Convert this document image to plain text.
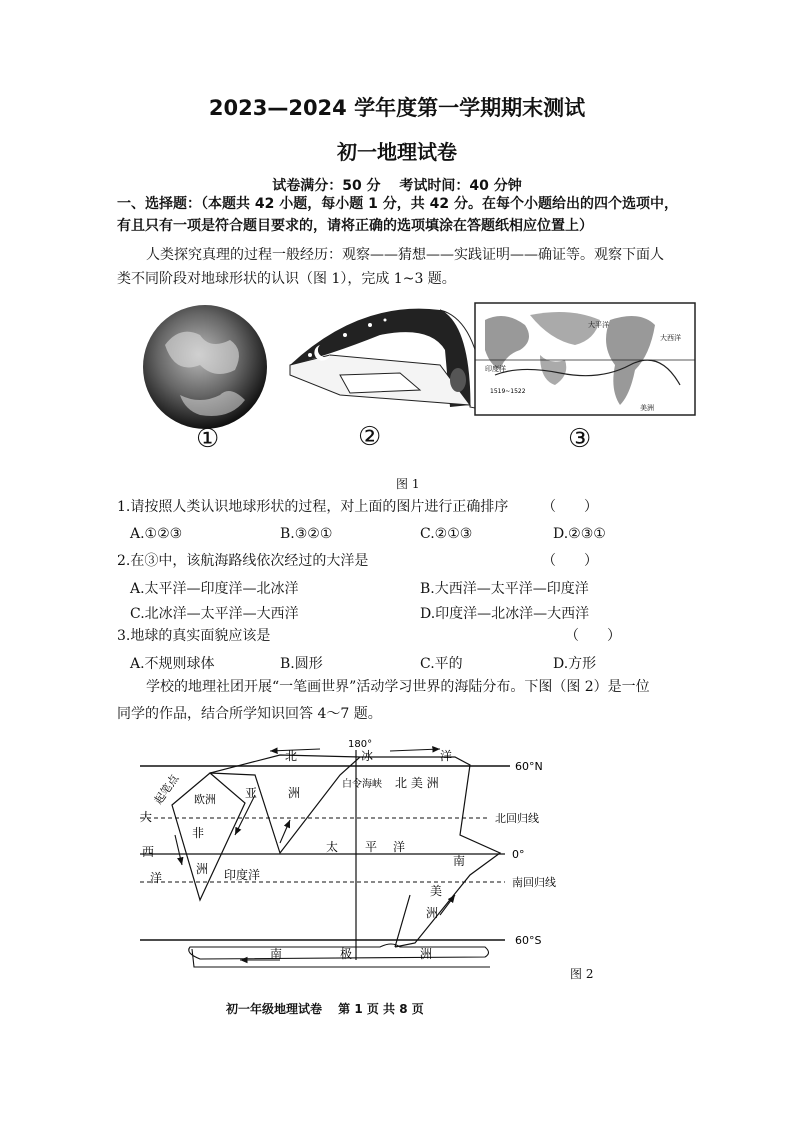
2023—2024 学年度第一学期期末测试
初一地理试卷
试卷满分：50 分　 考试时间：40 分钟
一、选择题：（本题共 42 小题，每小题 1 分，共 42 分。在每个小题给出的四个选项中，
有且只有一项是符合题目要求的，请将正确的选项填涂在答题纸相应位置上）
人类探究真理的过程一般经历：观察——猜想——实践证明——确证等。观察下面人
类不同阶段对地球形状的认识（图 1），完成 1~3 题。
大平洋
印度洋
大西洋
1519~1522
美洲
①	②	③
图 1
1.请按照人类认识地球形状的过程，对上面的图片进行正确排序 （　　）
A.①②③	B.③②①	C.②①③	D.②③①
2.在③中，该航海路线依次经过的大洋是	（　　）
A.太平洋—印度洋—北冰洋	B.大西洋—太平洋—印度洋
C.北冰洋—太平洋—大西洋	D.印度洋—北冰洋—大西洋
3.地球的真实面貌应该是	（　　）
A.不规则球体	B.圆形	C.平的	D.方形
学校的地理社团开展“一笔画世界”活动学习世界的海陆分布。下图（图 2）是一位
同学的作品，结合所学知识回答 4～7 题。
180°
60°N
北回归线
0°
南回归线
60°S
起笔点 欧洲 亚	洲
非
洲 印度洋
太 平 洋
北	冰	洋
白令海峡 北 美 洲
南
美
洲
大
西
洋
南	极	洲
图 2
初一年级地理试卷　 第 1 页 共 8 页
